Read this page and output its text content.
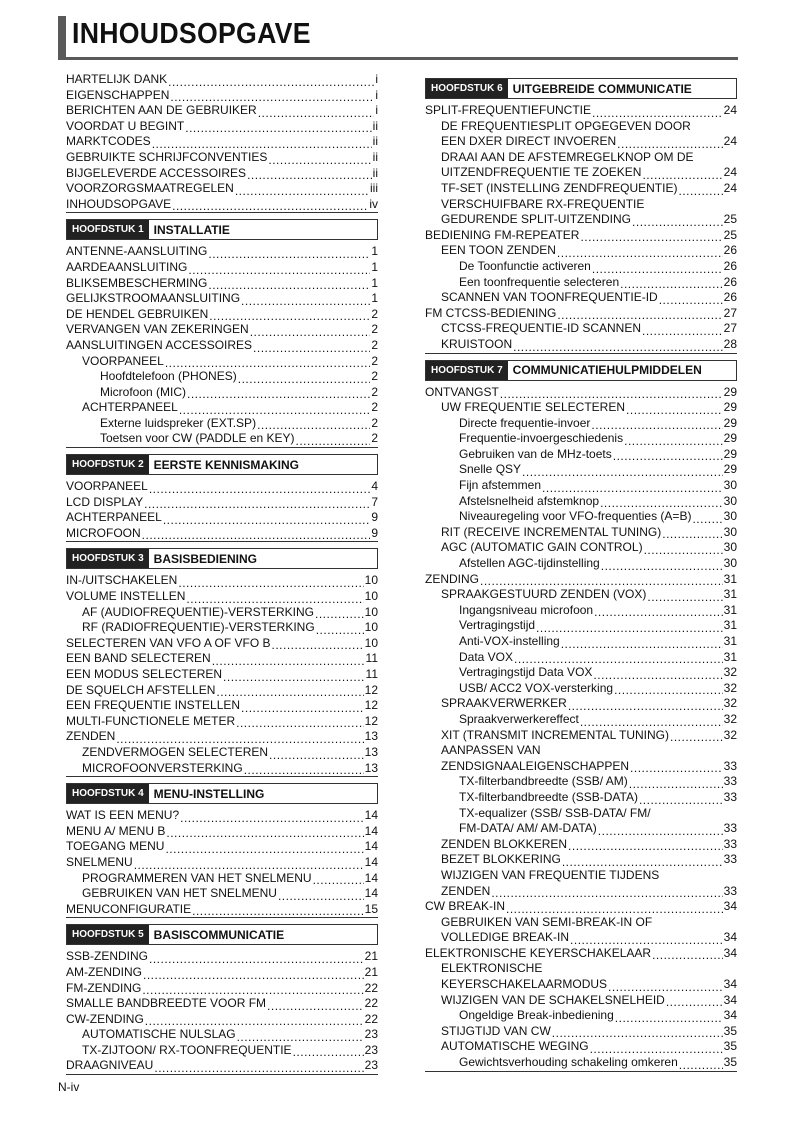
INHOUDSOPGAVE
HARTELIJK DANK .....	i
EIGENSCHAPPEN .....	i
BERICHTEN AAN DE GEBRUIKER .....	i
VOORDAT U BEGINT .....	ii
MARKTCODES .....	ii
GEBRUIKTE SCHRIJFCONVENTIES .....	ii
BIJGELEVERDE ACCESSOIRES .....	ii
VOORZORGSMAATREGELEN .....	iii
INHOUDSOPGAVE .....	iv
HOOFDSTUK 1 INSTALLATIE
ANTENNE-AANSLUITING .....	1
AARDEAANSLUITING .....	1
BLIKSEMBESCHERMING .....	1
GELIJKSTROOMAANSLUITING .....	1
DE HENDEL GEBRUIKEN .....	2
VERVANGEN VAN ZEKERINGEN .....	2
AANSLUITINGEN ACCESSOIRES .....	2
VOORPANEEL .....	2
Hoofdtelefoon (PHONES) .....	2
Microfoon (MIC) .....	2
ACHTERPANEEL .....	2
Externe luidspreker (EXT.SP) .....	2
Toetsen voor CW (PADDLE en KEY) .....	2
HOOFDSTUK 2 EERSTE KENNISMAKING
VOORPANEEL .....	4
LCD DISPLAY .....	7
ACHTERPANEEL .....	9
MICROFOON .....	9
HOOFDSTUK 3 BASISBEDIENING
IN-/UITSCHAKELEN .....	10
VOLUME INSTELLEN .....	10
AF (AUDIOFREQUENTIE)-VERSTERKING .....	10
RF (RADIOFREQUENTIE)-VERSTERKING .....	10
SELECTEREN VAN VFO A OF VFO B .....	10
EEN BAND SELECTEREN .....	11
EEN MODUS SELECTEREN .....	11
DE SQUELCH AFSTELLEN .....	12
EEN FREQUENTIE INSTELLEN .....	12
MULTI-FUNCTIONELE METER .....	12
ZENDEN .....	13
ZENDVERMOGEN SELECTEREN .....	13
MICROFOONVERSTERKING .....	13
HOOFDSTUK 4 MENU-INSTELLING
WAT IS EEN MENU? .....	14
MENU A/ MENU B .....	14
TOEGANG MENU .....	14
SNELMENU .....	14
PROGRAMMEREN VAN HET SNELMENU .....	14
GEBRUIKEN VAN HET SNELMENU .....	14
MENUCONFIGURATIE .....	15
HOOFDSTUK 5 BASISCOMMUNICATIE
SSB-ZENDING .....	21
AM-ZENDING .....	21
FM-ZENDING .....	22
SMALLE BANDBREEDTE VOOR FM .....	22
CW-ZENDING .....	22
AUTOMATISCHE NULSLAG .....	23
TX-ZIJTOON/ RX-TOONFREQUENTIE .....	23
DRAAGNIVEAU .....	23
HOOFDSTUK 6 UITGEBREIDE COMMUNICATIE
SPLIT-FREQUENTIEFUNCTIE .....	24
DE FREQUENTIESPLIT OPGEGEVEN DOOR
EEN DXER DIRECT INVOEREN .....	24
DRAAI AAN DE AFSTEMREGELKNOP OM DE
UITZENDFREQUENTIE TE ZOEKEN .....	24
TF-SET (INSTELLING ZENDFREQUENTIE) .....	24
VERSCHUIFBARE RX-FREQUENTIE
GEDURENDE SPLIT-UITZENDING .....	25
BEDIENING FM-REPEATER .....	25
EEN TOON ZENDEN .....	26
De Toonfunctie activeren .....	26
Een toonfrequentie selecteren .....	26
SCANNEN VAN TOONFREQUENTIE-ID .....	26
FM CTCSS-BEDIENING .....	27
CTCSS-FREQUENTIE-ID SCANNEN .....	27
KRUISTOON .....	28
HOOFDSTUK 7 COMMUNICATIEHULPMIDDELEN
ONTVANGST .....	29
UW FREQUENTIE SELECTEREN .....	29
Directe frequentie-invoer .....	29
Frequentie-invoergeschiedenis .....	29
Gebruiken van de MHz-toets .....	29
Snelle QSY .....	29
Fijn afstemmen .....	30
Afstelsnelheid afstemknop .....	30
Niveauregeling voor VFO-frequenties (A=B) .....	30
RIT (RECEIVE INCREMENTAL TUNING) .....	30
AGC (AUTOMATIC GAIN CONTROL) .....	30
Afstellen AGC-tijdinstelling .....	30
ZENDING .....	31
SPRAAKGESTUURD ZENDEN (VOX) .....	31
Ingangsniveau microfoon .....	31
Vertragingstijd .....	31
Anti-VOX-instelling .....	31
Data VOX .....	31
Vertragingstijd Data VOX .....	32
USB/ ACC2 VOX-versterking .....	32
SPRAAKVERWERKER .....	32
Spraakverwerkereffect .....	32
XIT (TRANSMIT INCREMENTAL TUNING) .....	32
AANPASSEN VAN
ZENDSIGNAALEIGENSCHAPPEN .....	33
TX-filterbandbreedte (SSB/ AM) .....	33
TX-filterbandbreedte (SSB-DATA) .....	33
TX-equalizer (SSB/ SSB-DATA/ FM/
FM-DATA/ AM/ AM-DATA) .....	33
ZENDEN BLOKKEREN .....	33
BEZET BLOKKERING .....	33
WIJZIGEN VAN FREQUENTIE TIJDENS
ZENDEN .....	33
CW BREAK-IN .....	34
GEBRUIKEN VAN SEMI-BREAK-IN OF
VOLLEDIGE BREAK-IN .....	34
ELEKTRONISCHE KEYERSCHAKELAAR .....	34
ELEKTRONISCHE
KEYERSCHAKELAARMODUS .....	34
WIJZIGEN VAN DE SCHAKELSNELHEID .....	34
Ongeldige Break-inbediening .....	34
STIJGTIJD VAN CW .....	35
AUTOMATISCHE WEGING .....	35
Gewichtsverhouding schakeling omkeren .....	35
N-iv
